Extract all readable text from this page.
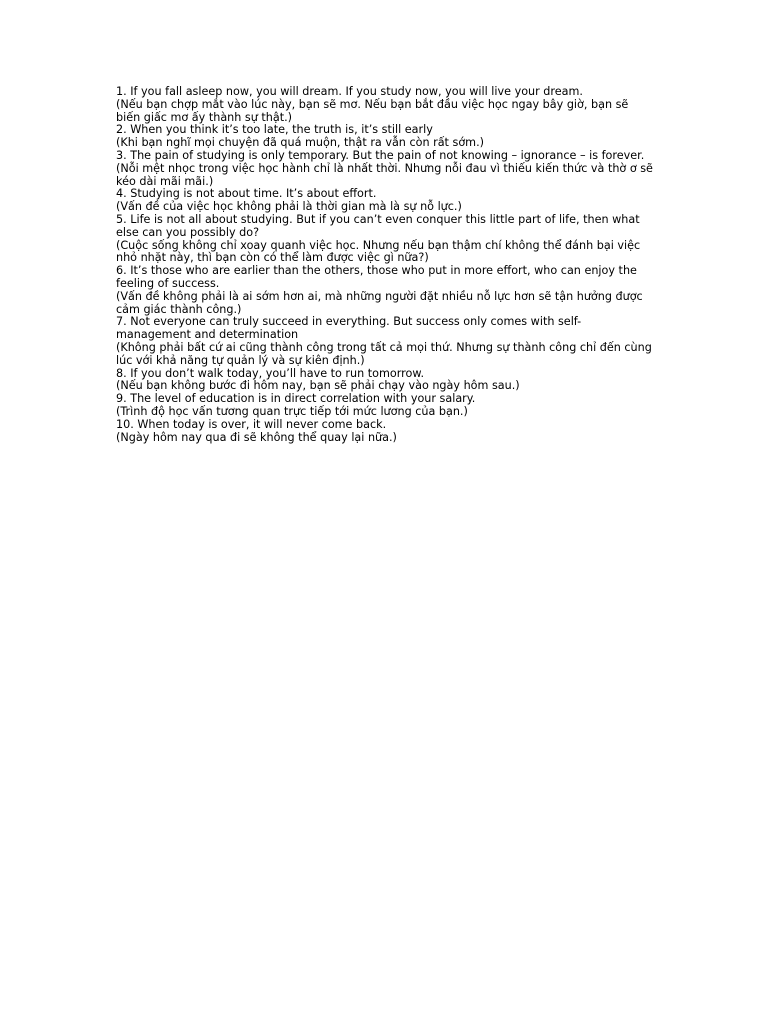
1. If you fall asleep now, you will dream. If you study now, you will live your dream.

(Nếu bạn chợp mắt vào lúc này, bạn sẽ mơ. Nếu bạn bắt đầu việc học ngay bây giờ, bạn sẽ biến giấc mơ ấy thành sự thật.)

2. When you think it’s too late, the truth is, it’s still early

(Khi bạn nghĩ mọi chuyện đã quá muộn, thật ra vẫn còn rất sớm.)

3. The pain of studying is only temporary. But the pain of not knowing – ignorance – is forever.

(Nỗi mệt nhọc trong việc học hành chỉ là nhất thời. Nhưng nỗi đau vì thiếu kiến thức và thờ ơ sẽ kéo dài mãi mãi.)

4. Studying is not about time. It’s about effort.

(Vấn đề của việc học không phải là thời gian mà là sự nỗ lực.)

5. Life is not all about studying. But if you can’t even conquer this little part of life, then what else can you possibly do?

(Cuộc sống không chỉ xoay quanh việc học. Nhưng nếu bạn thậm chí không thể đánh bại việc nhỏ nhặt này, thì bạn còn có thể làm được việc gì nữa?)

6. It’s those who are earlier than the others, those who put in more effort, who can enjoy the feeling of success.

(Vấn đề không phải là ai sớm hơn ai, mà những người đặt nhiều nỗ lực hơn sẽ tận hưởng được cảm giác thành công.)

7. Not everyone can truly succeed in everything. But success only comes with self-management and determination

(Không phải bất cứ ai cũng thành công trong tất cả mọi thứ. Nhưng sự thành công chỉ đến cùng lúc với khả năng tự quản lý và sự kiên định.)

8. If you don’t walk today, you’ll have to run tomorrow.

(Nếu bạn không bước đi hôm nay, bạn sẽ phải chạy vào ngày hôm sau.)

9. The level of education is in direct correlation with your salary.

(Trình độ học vấn tương quan trực tiếp tới mức lương của bạn.)

10. When today is over, it will never come back.

(Ngày hôm nay qua đi sẽ không thể quay lại nữa.)
